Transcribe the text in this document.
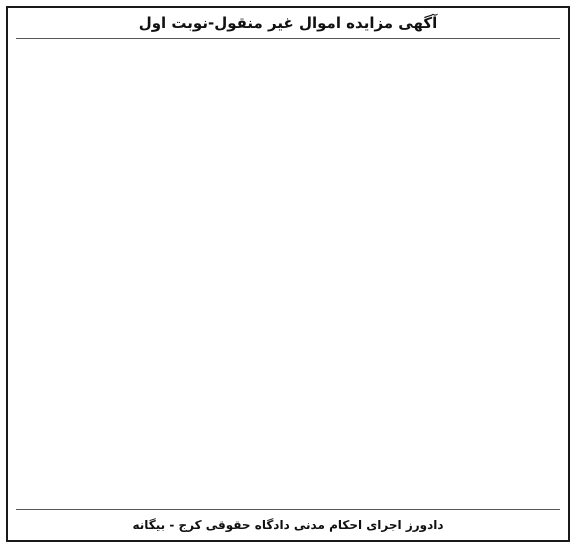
آگهی مزایده اموال غیر منقول-نوبت اول

دادورز اجرای احکام مدنی دادگاه حقوقی کرج - بیگانه
